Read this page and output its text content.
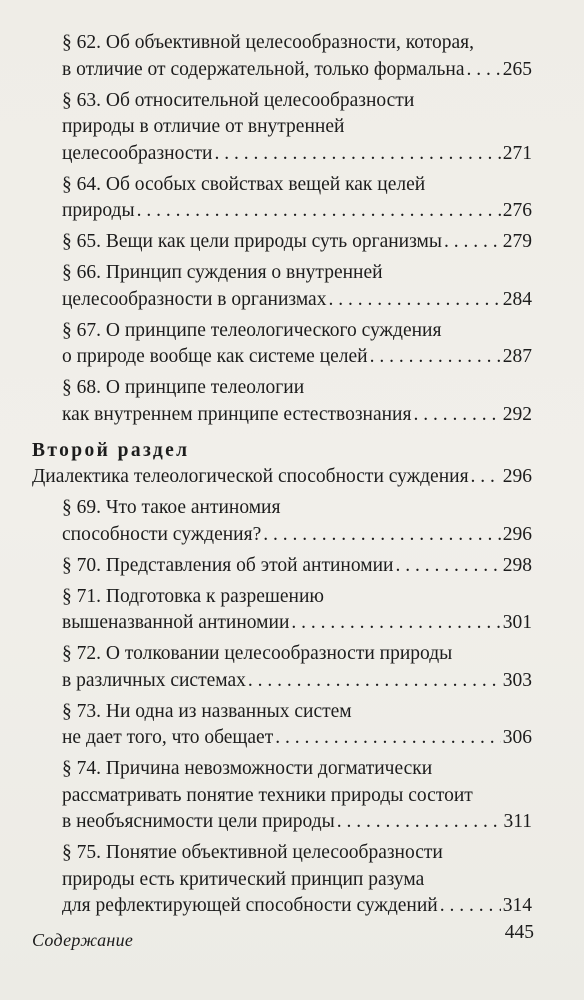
§ 62. Об объективной целесообразности, которая,
в отличие от содержательной, только формальна . . . 265
§ 63. Об относительной целесообразности
природы в отличие от внутренней
целесообразности . . .	271
§ 64. Об особых свойствах вещей как целей
природы . . .	276
§ 65. Вещи как цели природы суть организмы . . .	279
§ 66. Принцип суждения о внутренней
целесообразности в организмах . . .	284
§ 67. О принципе телеологического суждения
о природе вообще как системе целей . . .	287
§ 68. О принципе телеологии
как внутреннем принципе естествознания . . .	292
Второй раздел
Диалектика телеологической способности суждения . . . 296
§ 69. Что такое антиномия
способности суждения? . . .	296
§ 70. Представления об этой антиномии . . .	298
§ 71. Подготовка к разрешению
вышеназванной антиномии . . .	301
§ 72. О толковании целесообразности природы
в различных системах . . .	303
§ 73. Ни одна из названных систем
не дает того, что обещает . . .	306
§ 74. Причина невозможности догматически
рассматривать понятие техники природы состоит
в необъяснимости цели природы . . .	311
§ 75. Понятие объективной целесообразности
природы есть критический принцип разума
для рефлектирующей способности суждений . . .	314
Содержание	445
